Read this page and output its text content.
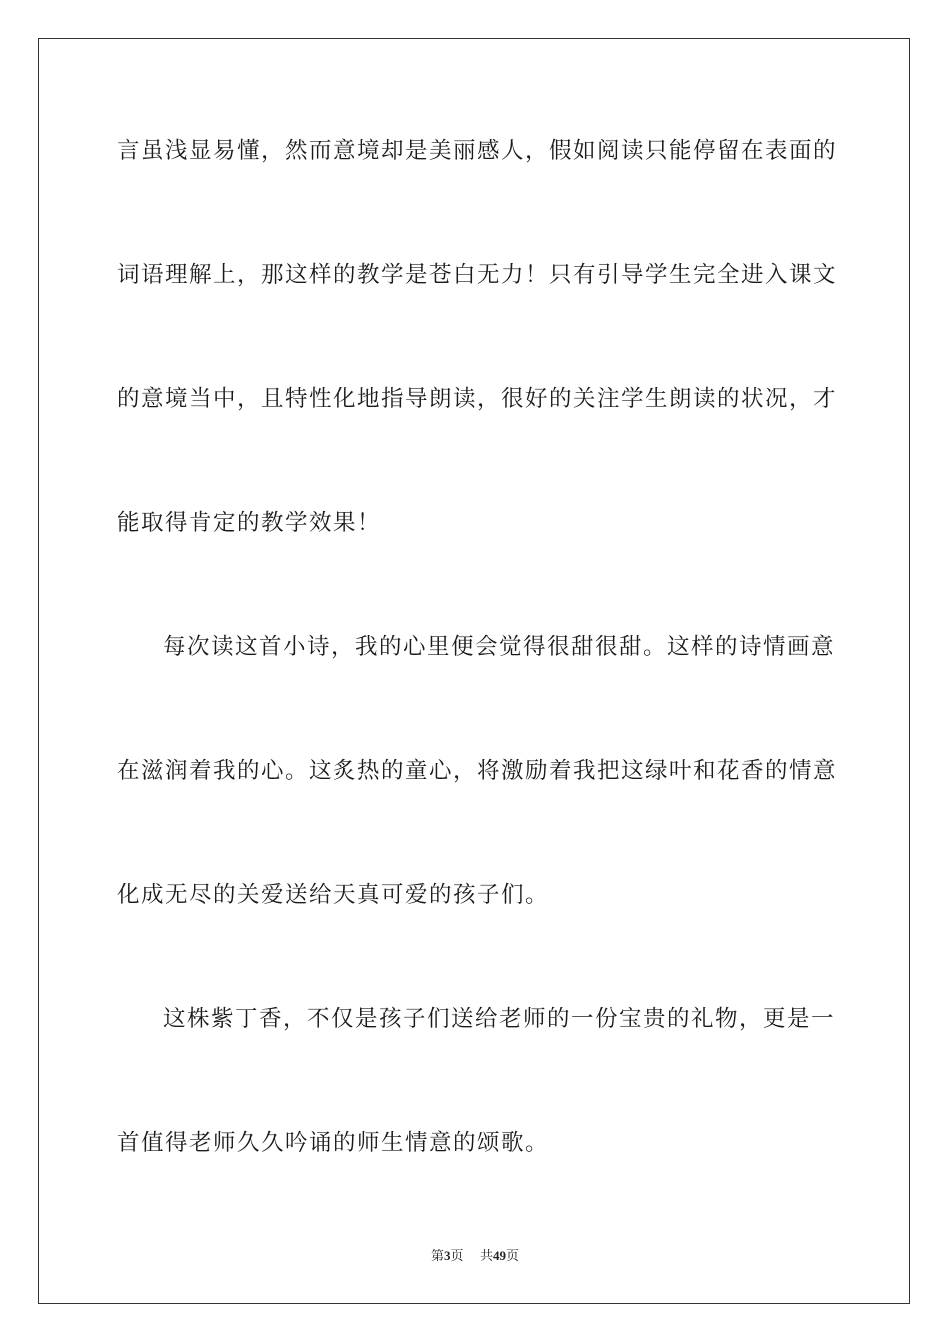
言虽浅显易懂，然而意境却是美丽感人，假如阅读只能停留在表面的
词语理解上，那这样的教学是苍白无力！只有引导学生完全进入课文
的意境当中，且特性化地指导朗读，很好的关注学生朗读的状况，才
能取得肯定的教学效果！
每次读这首小诗，我的心里便会觉得很甜很甜。这样的诗情画意
在滋润着我的心。这炙热的童心，将激励着我把这绿叶和花香的情意
化成无尽的关爱送给天真可爱的孩子们。
这株紫丁香，不仅是孩子们送给老师的一份宝贵的礼物，更是一
首值得老师久久吟诵的师生情意的颂歌。
第3页 共49页
